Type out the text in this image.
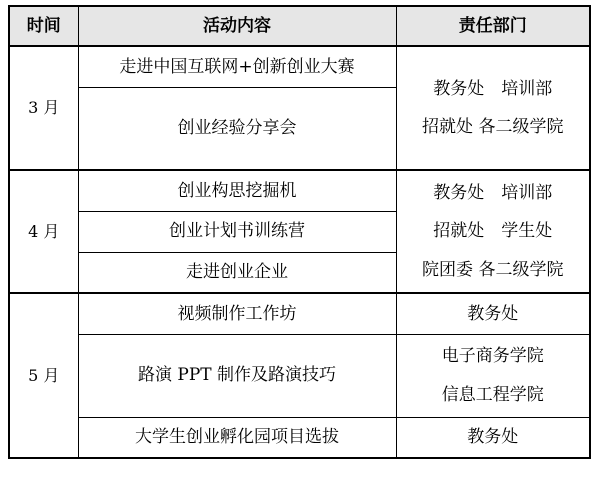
时间	活动内容	责任部门
3 月	走进中国互联网+创新创业大赛	教务处　培训部
招就处 各二级学院

	创业经验分享会	
4 月	创业构思挖掘机	教务处　培训部
招就处　学生处
院团委 各二级学院

	创业计划书训练营	
	走进创业企业	
5 月	视频制作工作坊	教务处
	路演 PPT 制作及路演技巧	电子商务学院
信息工程学院

	大学生创业孵化园项目选拔	教务处
